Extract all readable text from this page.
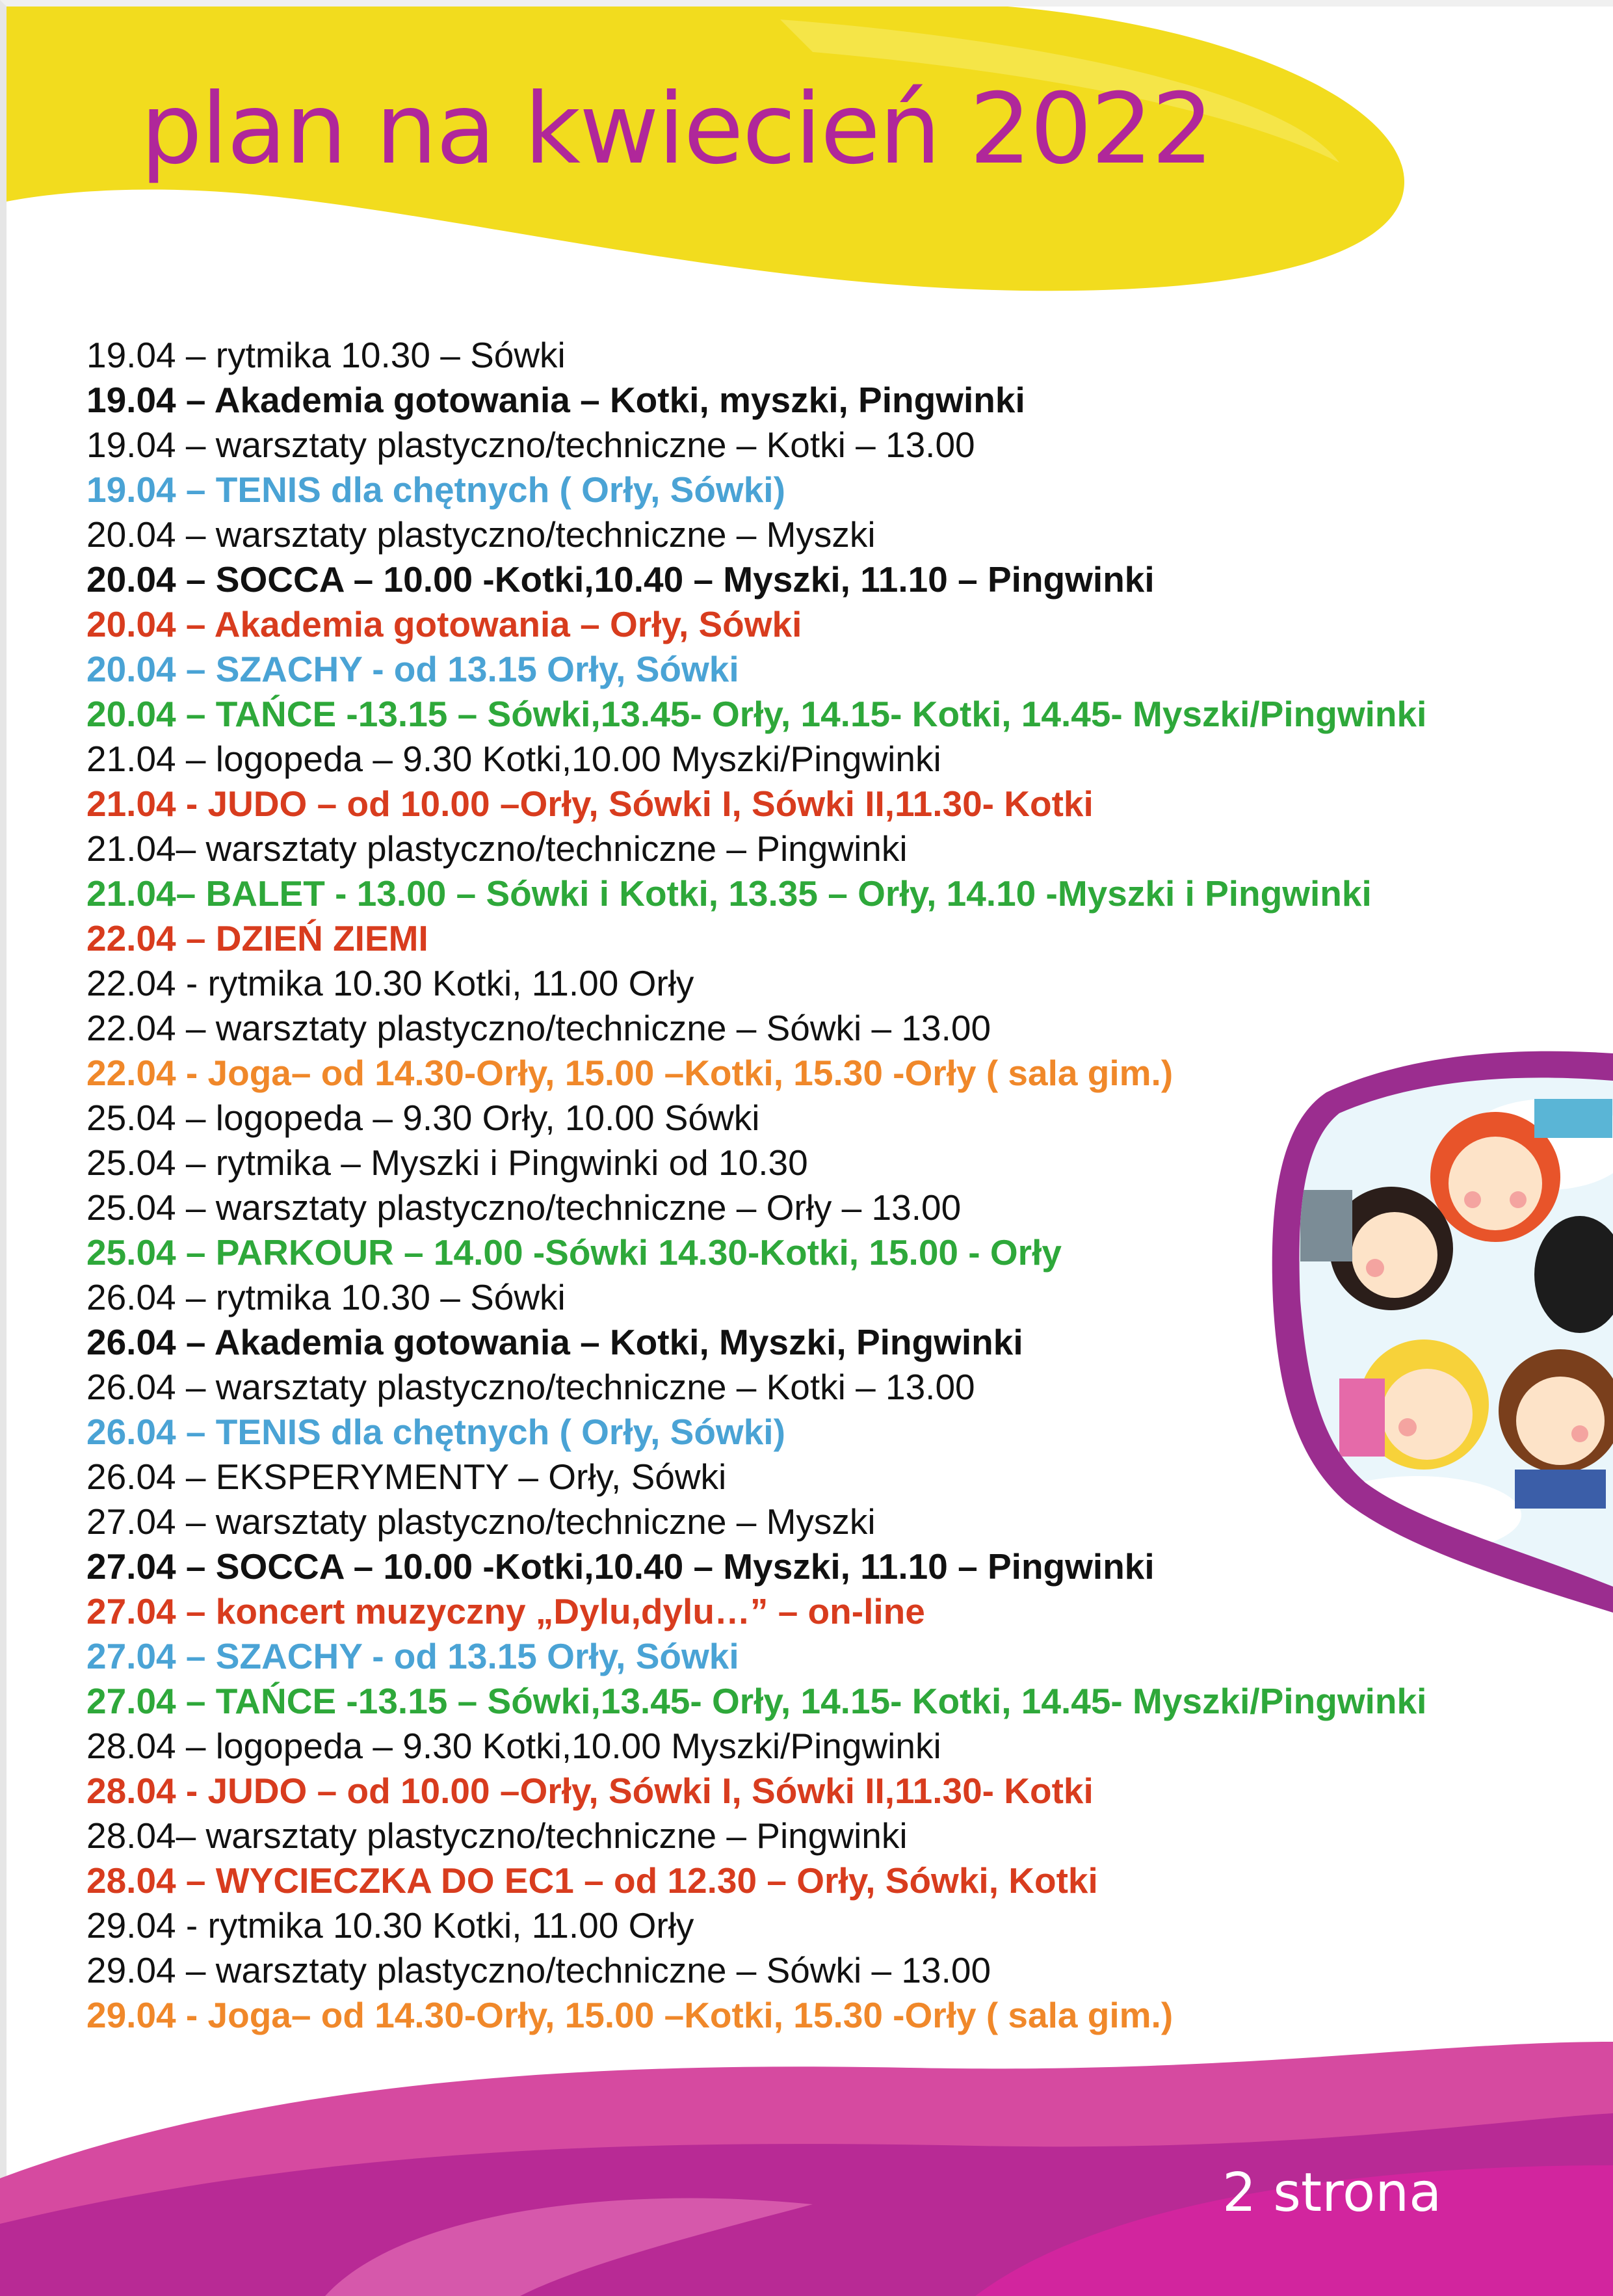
plan na kwiecień 2022
19.04 – rytmika 10.30 – Sówki
19.04 – Akademia gotowania – Kotki, myszki, Pingwinki
19.04 – warsztaty plastyczno/techniczne – Kotki – 13.00
19.04 – TENIS dla chętnych ( Orły, Sówki)
20.04 – warsztaty plastyczno/techniczne – Myszki
20.04 – SOCCA – 10.00 -Kotki,10.40 – Myszki, 11.10 – Pingwinki
20.04 – Akademia gotowania – Orły, Sówki
20.04 – SZACHY - od 13.15 Orły, Sówki
20.04 – TAŃCE -13.15 – Sówki,13.45- Orły, 14.15- Kotki, 14.45- Myszki/Pingwinki
21.04 – logopeda – 9.30 Kotki,10.00 Myszki/Pingwinki
21.04 - JUDO – od 10.00 –Orły, Sówki I, Sówki II,11.30- Kotki
21.04– warsztaty plastyczno/techniczne – Pingwinki
21.04– BALET - 13.00 – Sówki i Kotki, 13.35 – Orły, 14.10 -Myszki i Pingwinki
22.04 – DZIEŃ ZIEMI
22.04 - rytmika 10.30 Kotki, 11.00 Orły
22.04 – warsztaty plastyczno/techniczne – Sówki – 13.00
22.04 - Joga– od 14.30-Orły, 15.00 –Kotki, 15.30 -Orły ( sala gim.)
25.04 – logopeda – 9.30 Orły, 10.00 Sówki
25.04 – rytmika – Myszki i Pingwinki od 10.30
25.04 – warsztaty plastyczno/techniczne – Orły – 13.00
25.04 – PARKOUR – 14.00 -Sówki 14.30-Kotki, 15.00 - Orły
26.04 – rytmika 10.30 – Sówki
26.04 – Akademia gotowania – Kotki, Myszki, Pingwinki
26.04 – warsztaty plastyczno/techniczne – Kotki – 13.00
26.04 – TENIS dla chętnych ( Orły, Sówki)
26.04 – EKSPERYMENTY – Orły, Sówki
27.04 – warsztaty plastyczno/techniczne – Myszki
27.04 – SOCCA – 10.00 -Kotki,10.40 – Myszki, 11.10 – Pingwinki
27.04 – koncert muzyczny „Dylu,dylu…” – on-line
27.04 – SZACHY - od 13.15 Orły, Sówki
27.04 – TAŃCE -13.15 – Sówki,13.45- Orły, 14.15- Kotki, 14.45- Myszki/Pingwinki
28.04 – logopeda – 9.30 Kotki,10.00 Myszki/Pingwinki
28.04 - JUDO – od 10.00 –Orły, Sówki I, Sówki II,11.30- Kotki
28.04– warsztaty plastyczno/techniczne – Pingwinki
28.04 – WYCIECZKA DO EC1 – od 12.30 – Orły, Sówki, Kotki
29.04 - rytmika 10.30 Kotki, 11.00 Orły
29.04 – warsztaty plastyczno/techniczne – Sówki – 13.00
29.04 - Joga– od 14.30-Orły, 15.00 –Kotki, 15.30 -Orły ( sala gim.)
2 strona
